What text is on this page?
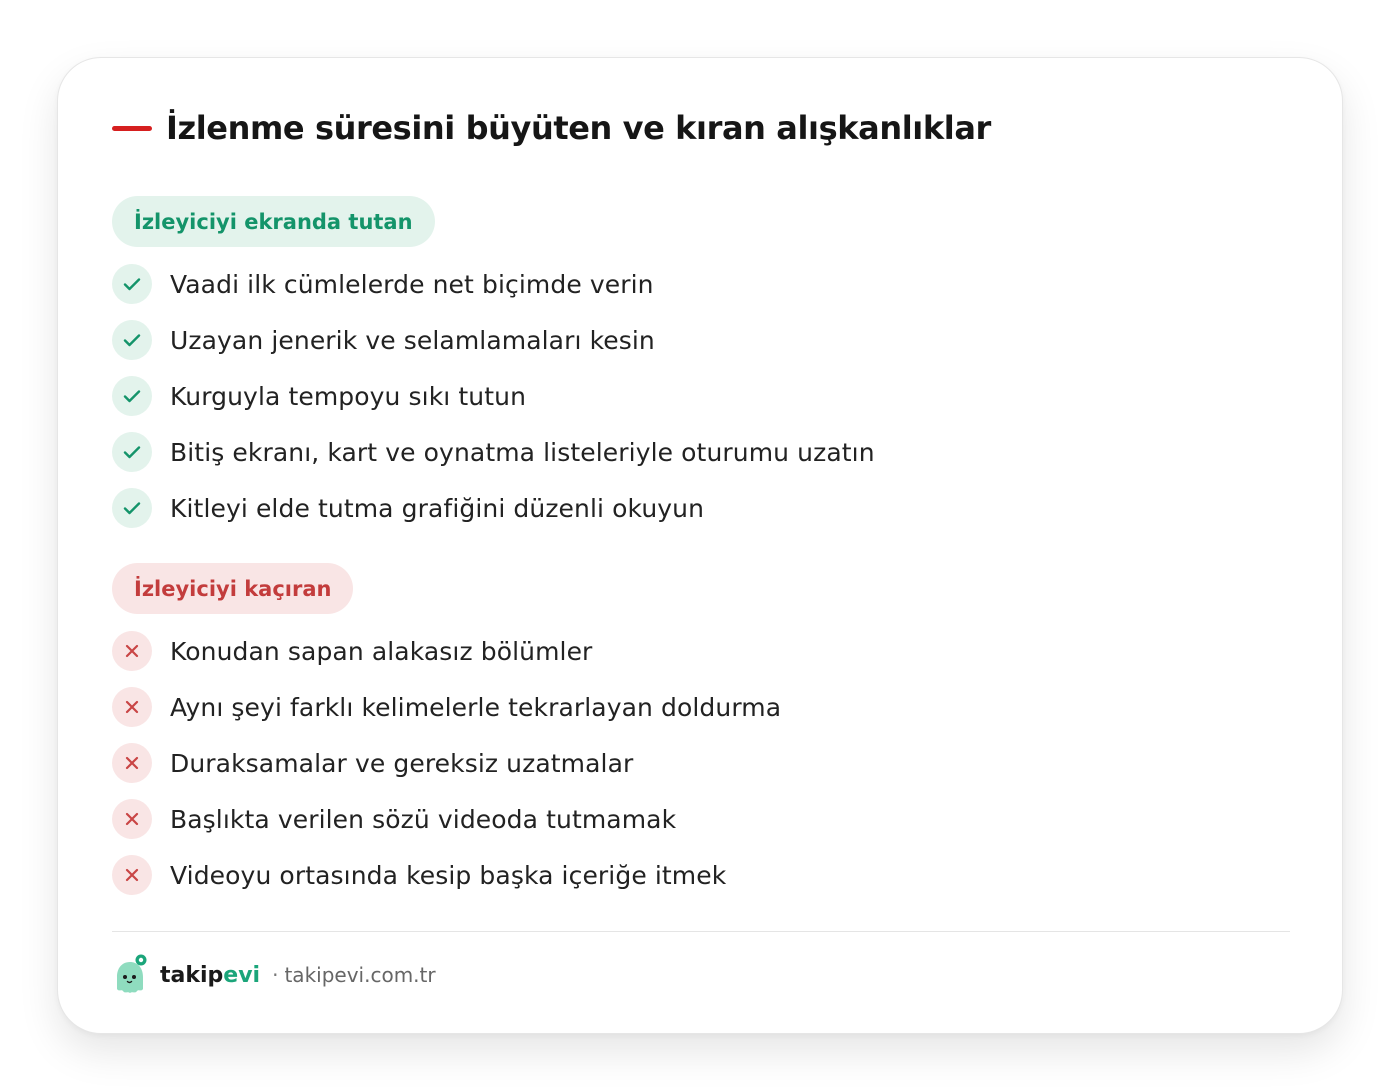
İzlenme süresini büyüten ve kıran alışkanlıklar
İzleyiciyi ekranda tutan
Vaadi ilk cümlelerde net biçimde verin
Uzayan jenerik ve selamlamaları kesin
Kurguyla tempoyu sıkı tutun
Bitiş ekranı, kart ve oynatma listeleriyle oturumu uzatın
Kitleyi elde tutma grafiğini düzenli okuyun
İzleyiciyi kaçıran
Konudan sapan alakasız bölümler
Aynı şeyi farklı kelimelerle tekrarlayan doldurma
Duraksamalar ve gereksiz uzatmalar
Başlıkta verilen sözü videoda tutmamak
Videoyu ortasında kesip başka içeriğe itmek
takipevi · takipevi.com.tr
